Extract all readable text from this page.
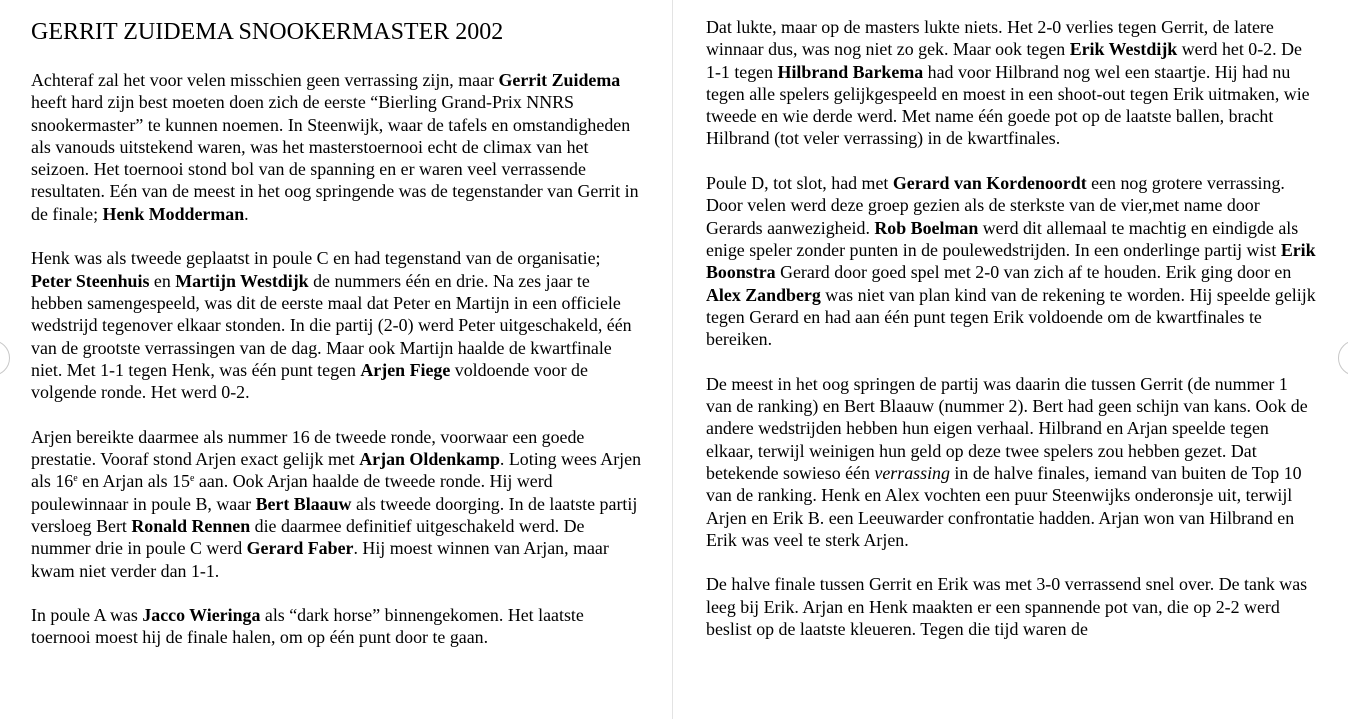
GERRIT ZUIDEMA SNOOKERMASTER 2002

Achteraf zal het voor velen misschien geen verrassing zijn, maar Gerrit Zuidema heeft hard zijn best moeten doen zich de eerste “Bierling Grand-Prix NNRS snookermaster” te kunnen noemen. In Steenwijk, waar de tafels en omstandigheden als vanouds uitstekend waren, was het masterstoernooi echt de climax van het seizoen. Het toernooi stond bol van de spanning en er waren veel verrassende resultaten. Eén van de meest in het oog springende was de tegenstander van Gerrit in de finale; Henk Modderman.

Henk was als tweede geplaatst in poule C en had tegenstand van de organisatie; Peter Steenhuis en Martijn Westdijk de nummers één en drie. Na zes jaar te hebben samengespeeld, was dit de eerste maal dat Peter en Martijn in een officiele wedstrijd tegenover elkaar stonden. In die partij (2-0) werd Peter uitgeschakeld, één van de grootste verrassingen van de dag. Maar ook Martijn haalde de kwartfinale niet. Met 1-1 tegen Henk, was één punt tegen Arjen Fiege voldoende voor de volgende ronde. Het werd 0-2.

Arjen bereikte daarmee als nummer 16 de tweede ronde, voorwaar een goede prestatie. Vooraf stond Arjen exact gelijk met Arjan Oldenkamp. Loting wees Arjen als 16e en Arjan als 15e aan. Ook Arjan haalde de tweede ronde. Hij werd poulewinnaar in poule B, waar Bert Blaauw als tweede doorging. In de laatste partij versloeg Bert Ronald Rennen die daarmee definitief uitgeschakeld werd. De nummer drie in poule C werd Gerard Faber. Hij moest winnen van Arjan, maar kwam niet verder dan 1-1.

In poule A was Jacco Wieringa als “dark horse” binnengekomen. Het laatste toernooi moest hij de finale halen, om op één punt door te gaan.

Dat lukte, maar op de masters lukte niets. Het 2-0 verlies tegen Gerrit, de latere winnaar dus, was nog niet zo gek. Maar ook tegen Erik Westdijk werd het 0-2. De 1-1 tegen Hilbrand Barkema had voor Hilbrand nog wel een staartje. Hij had nu tegen alle spelers gelijkgespeeld en moest in een shoot-out tegen Erik uitmaken, wie tweede en wie derde werd. Met name één goede pot op de laatste ballen, bracht Hilbrand (tot veler verrassing) in de kwartfinales.

Poule D, tot slot, had met Gerard van Kordenoordt een nog grotere verrassing. Door velen werd deze groep gezien als de sterkste van de vier,met name door Gerards aanwezigheid. Rob Boelman werd dit allemaal te machtig en eindigde als enige speler zonder punten in de poulewedstrijden. In een onderlinge partij wist Erik Boonstra Gerard door goed spel met 2-0 van zich af te houden. Erik ging door en Alex Zandberg was niet van plan kind van de rekening te worden. Hij speelde gelijk tegen Gerard en had aan één punt tegen Erik voldoende om de kwartfinales te bereiken.

De meest in het oog springen de partij was daarin die tussen Gerrit (de nummer 1 van de ranking) en Bert Blaauw (nummer 2). Bert had geen schijn van kans. Ook de andere wedstrijden hebben hun eigen verhaal. Hilbrand en Arjan speelde tegen elkaar, terwijl weinigen hun geld op deze twee spelers zou hebben gezet. Dat betekende sowieso één verrassing in de halve finales, iemand van buiten de Top 10 van de ranking. Henk en Alex vochten een puur Steenwijks onderonsje uit, terwijl Arjen en Erik B. een Leeuwarder confrontatie hadden. Arjan won van Hilbrand en Erik was veel te sterk Arjen.

De halve finale tussen Gerrit en Erik was met 3-0 verrassend snel over. De tank was leeg bij Erik. Arjan en Henk maakten er een spannende pot van, die op 2-2 werd beslist op de laatste kleueren. Tegen die tijd waren de
